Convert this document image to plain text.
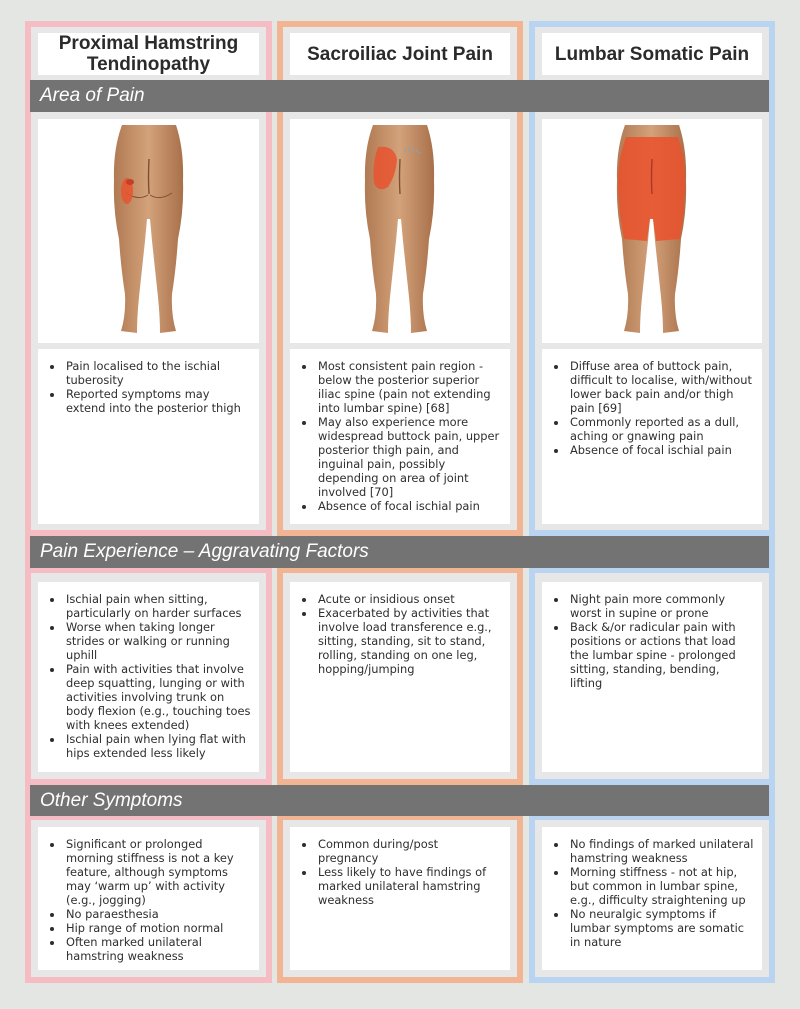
Proximal Hamstring Tendinopathy	Sacroiliac Joint Pain	Lumbar Somatic Pain
• Pain localised to the ischial tuberosity
• Reported symptoms may extend into the posterior thigh
• Most consistent pain region - below the posterior superior iliac spine (pain not extending into lumbar spine) [68]
• May also experience more widespread buttock pain, upper posterior thigh pain, and inguinal pain, possibly depending on area of joint involved [70]
• Absence of focal ischial pain
• Diffuse area of buttock pain, difficult to localise, with/without lower back pain and/or thigh pain [69]
• Commonly reported as a dull, aching or gnawing pain
• Absence of focal ischial pain
• Ischial pain when sitting, particularly on harder surfaces
• Worse when taking longer strides or walking or running uphill
• Pain with activities that involve deep squatting, lunging or with activities involving trunk on body flexion (e.g., touching toes with knees extended)
• Ischial pain when lying flat with hips extended less likely
• Acute or insidious onset
• Exacerbated by activities that involve load transference e.g., sitting, standing, sit to stand, rolling, standing on one leg, hopping/jumping
• Night pain more commonly worst in supine or prone
• Back &/or radicular pain with positions or actions that load the lumbar spine - prolonged sitting, standing, bending, lifting
• Significant or prolonged morning stiffness is not a key feature, although symptoms may ‘warm up’ with activity (e.g., jogging)
• No paraesthesia
• Hip range of motion normal
• Often marked unilateral hamstring weakness
• Common during/post pregnancy
• Less likely to have findings of marked unilateral hamstring weakness
• No findings of marked unilateral hamstring weakness
• Morning stiffness - not at hip, but common in lumbar spine, e.g., difficulty straightening up
• No neuralgic symptoms if lumbar symptoms are somatic in nature
Area of Pain
Pain Experience – Aggravating Factors
Other Symptoms
